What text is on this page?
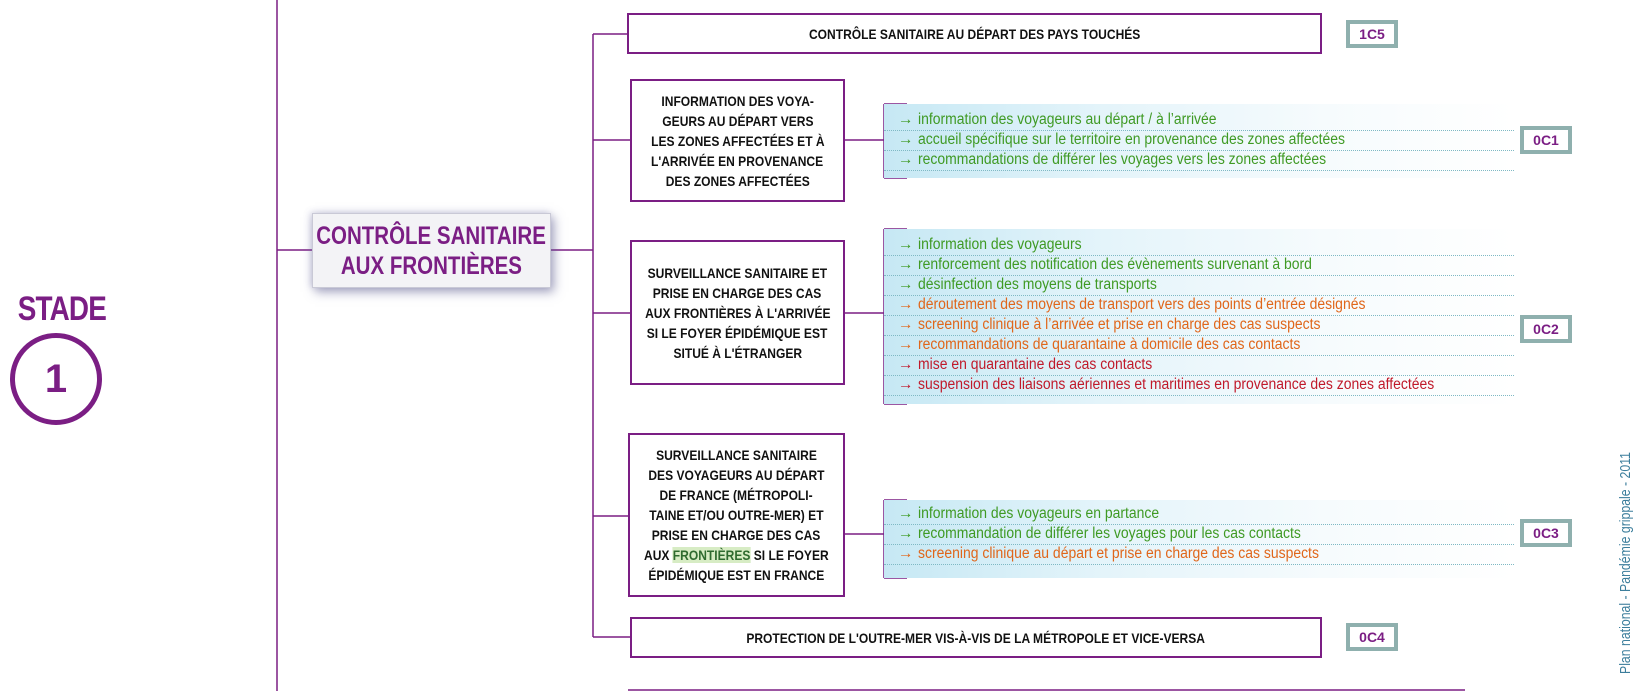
STADE
1
CONTRÔLE SANITAIRE
AUX FRONTIÈRES
CONTRÔLE SANITAIRE AU DÉPART DES PAYS TOUCHÉS	1C5
INFORMATION DES VOYA-
GEURS AU DÉPART VERS
LES ZONES AFFECTÉES ET À
L'ARRIVÉE EN PROVENANCE
DES ZONES AFFECTÉES
→ information des voyageurs au départ / à l’arrivée
→ accueil spécifique sur le territoire en provenance des zones affectées
→ recommandations de différer les voyages vers les zones affectées
0C1
SURVEILLANCE SANITAIRE ET
PRISE EN CHARGE DES CAS
AUX FRONTIÈRES À L'ARRIVÉE
SI LE FOYER ÉPIDÉMIQUE EST
SITUÉ À L'ÉTRANGER
→ information des voyageurs
→ renforcement des notification des évènements survenant à bord
→ désinfection des moyens de transports
→ déroutement des moyens de transport vers des points d’entrée désignés
→ screening clinique à l’arrivée et prise en charge des cas suspects
→ recommandations de quarantaine à domicile des cas contacts
→ mise en quarantaine des cas contacts
→ suspension des liaisons aériennes et maritimes en provenance des zones affectées
0C2
SURVEILLANCE SANITAIRE
DES VOYAGEURS AU DÉPART
DE FRANCE (MÉTROPOLI-
TAINE ET/OU OUTRE-MER) ET
PRISE EN CHARGE DES CAS
AUX FRONTIÈRES SI LE FOYER
ÉPIDÉMIQUE EST EN FRANCE
→ information des voyageurs en partance
→ recommandation de différer les voyages pour les cas contacts
→ screening clinique au départ et prise en charge des cas suspects
0C3
PROTECTION DE L'OUTRE-MER VIS-À-VIS DE LA MÉTROPOLE ET VICE-VERSA	0C4	Plan national - Pandémie grippale - 2011
